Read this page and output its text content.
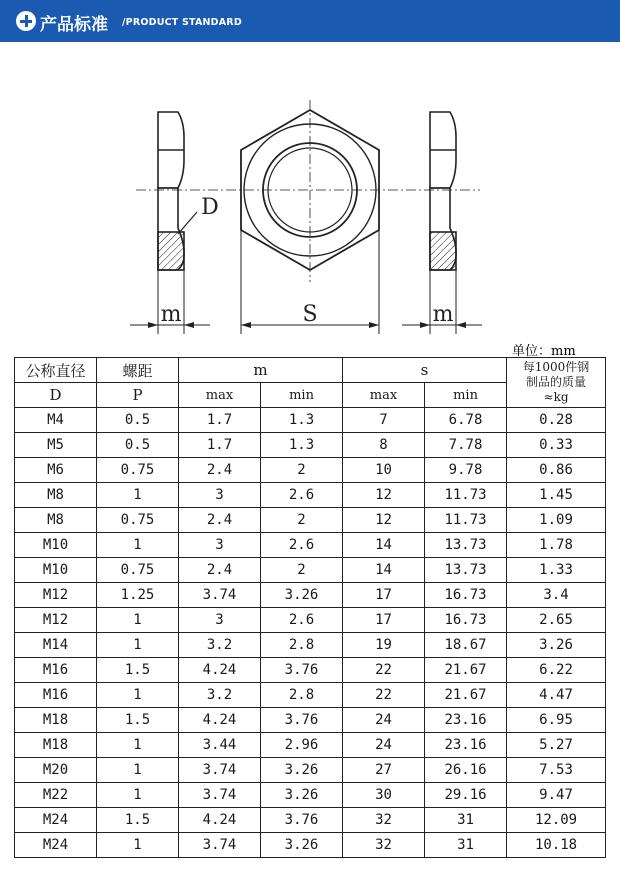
产品标准 /PRODUCT STANDARD
D
m	S	m
单位：mm
公称直径	螺距	m		s		每1000件钢
制品的质量
≈kg

D	P	max	min	max	min	
M4	0.5	1.7	1.3	7	6.78	0.28
M5	0.5	1.7	1.3	8	7.78	0.33
M6	0.75	2.4	2	10	9.78	0.86
M8	1	3	2.6	12	11.73	1.45
M8	0.75	2.4	2	12	11.73	1.09
M10	1	3	2.6	14	13.73	1.78
M10	0.75	2.4	2	14	13.73	1.33
M12	1.25	3.74	3.26	17	16.73	3.4
M12	1	3	2.6	17	16.73	2.65
M14	1	3.2	2.8	19	18.67	3.26
M16	1.5	4.24	3.76	22	21.67	6.22
M16	1	3.2	2.8	22	21.67	4.47
M18	1.5	4.24	3.76	24	23.16	6.95
M18	1	3.44	2.96	24	23.16	5.27
M20	1	3.74	3.26	27	26.16	7.53
M22	1	3.74	3.26	30	29.16	9.47
M24	1.5	4.24	3.76	32	31	12.09
M24	1	3.74	3.26	32	31	10.18
